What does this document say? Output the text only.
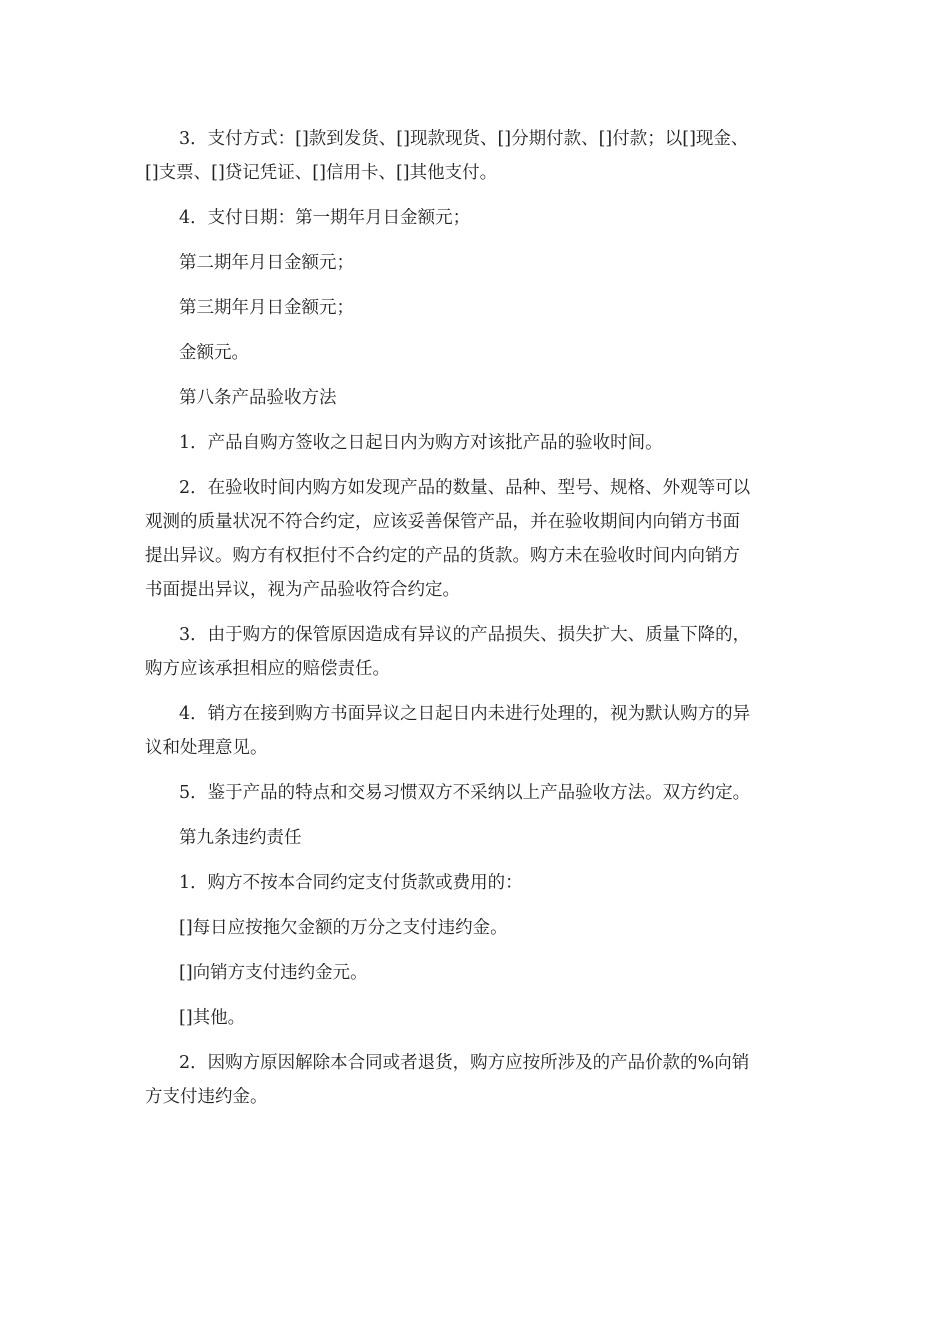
3．支付方式：[]款到发货、[]现款现货、[]分期付款、[]付款；以[]现金、
[]支票、[]贷记凭证、[]信用卡、[]其他支付。
4．支付日期：第一期年月日金额元；
第二期年月日金额元；
第三期年月日金额元；
金额元。
第八条产品验收方法
1．产品自购方签收之日起日内为购方对该批产品的验收时间。
2．在验收时间内购方如发现产品的数量、品种、型号、规格、外观等可以
观测的质量状况不符合约定，应该妥善保管产品，并在验收期间内向销方书面
提出异议。购方有权拒付不合约定的产品的货款。购方未在验收时间内向销方
书面提出异议，视为产品验收符合约定。
3．由于购方的保管原因造成有异议的产品损失、损失扩大、质量下降的，
购方应该承担相应的赔偿责任。
4．销方在接到购方书面异议之日起日内未进行处理的，视为默认购方的异
议和处理意见。
5．鉴于产品的特点和交易习惯双方不采纳以上产品验收方法。双方约定。
第九条违约责任
1．购方不按本合同约定支付货款或费用的：
[]每日应按拖欠金额的万分之支付违约金。
[]向销方支付违约金元。
[]其他。
2．因购方原因解除本合同或者退货，购方应按所涉及的产品价款的%向销
方支付违约金。
